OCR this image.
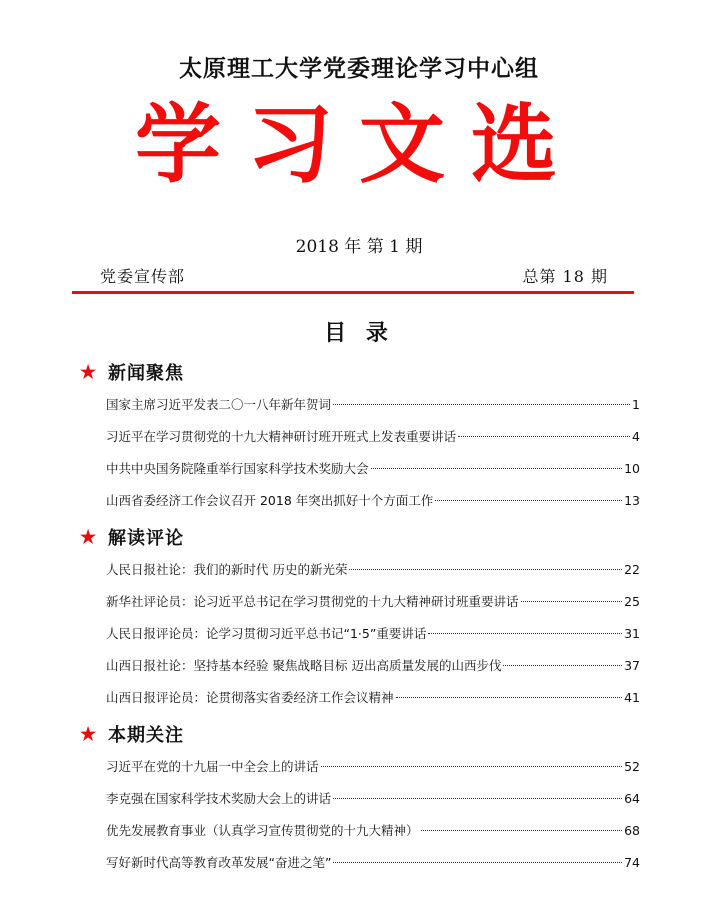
太原理工大学党委理论学习中心组
学习文选
2018 年 第 1 期
党委宣传部	总第 18 期
目 录
★ 新闻聚焦
国家主席习近平发表二〇一八年新年贺词	1
习近平在学习贯彻党的十九大精神研讨班开班式上发表重要讲话	4
中共中央国务院隆重举行国家科学技术奖励大会	10
山西省委经济工作会议召开 2018 年突出抓好十个方面工作	13
★ 解读评论
人民日报社论：我们的新时代 历史的新光荣	22
新华社评论员：论习近平总书记在学习贯彻党的十九大精神研讨班重要讲话	25
人民日报评论员：论学习贯彻习近平总书记“1·5”重要讲话	31
山西日报社论：坚持基本经验 聚焦战略目标 迈出高质量发展的山西步伐	37
山西日报评论员：论贯彻落实省委经济工作会议精神	41
★ 本期关注
习近平在党的十九届一中全会上的讲话	52
李克强在国家科学技术奖励大会上的讲话	64
优先发展教育事业（认真学习宣传贯彻党的十九大精神）	68
写好新时代高等教育改革发展“奋进之笔”	74
